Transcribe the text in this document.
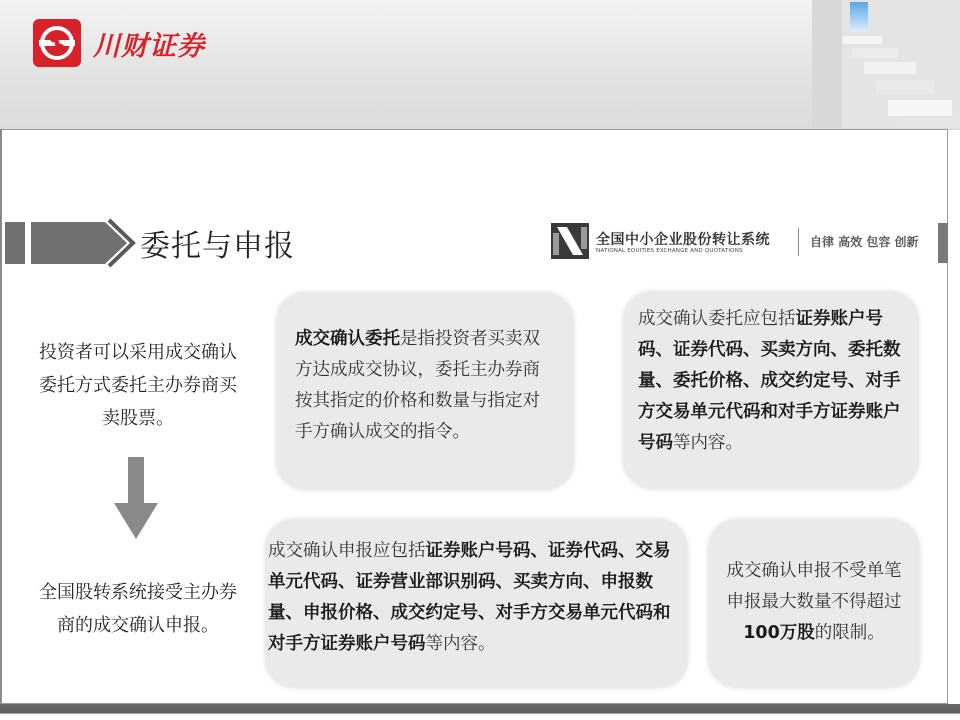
川财证券
委托与申报	全国中小企业股份转让系统
NATIONAL EQUITIES EXCHANGE AND QUOTATIONS
自律 高效 包容 创新
投资者可以采用成交确认委托方式委托主办券商买卖股票。
全国股转系统接受主办券商的成交确认申报。
成交确认委托是指投资者买卖双方达成成交协议，委托主办券商按其指定的价格和数量与指定对手方确认成交的指令。
成交确认委托应包括证券账户号码、证券代码、买卖方向、委托数量、委托价格、成交约定号、对手方交易单元代码和对手方证券账户号码等内容。
成交确认申报应包括证券账户号码、证券代码、交易单元代码、证券营业部识别码、买卖方向、申报数量、申报价格、成交约定号、对手方交易单元代码和对手方证券账户号码等内容。
成交确认申报不受单笔申报最大数量不得超过100万股的限制。
